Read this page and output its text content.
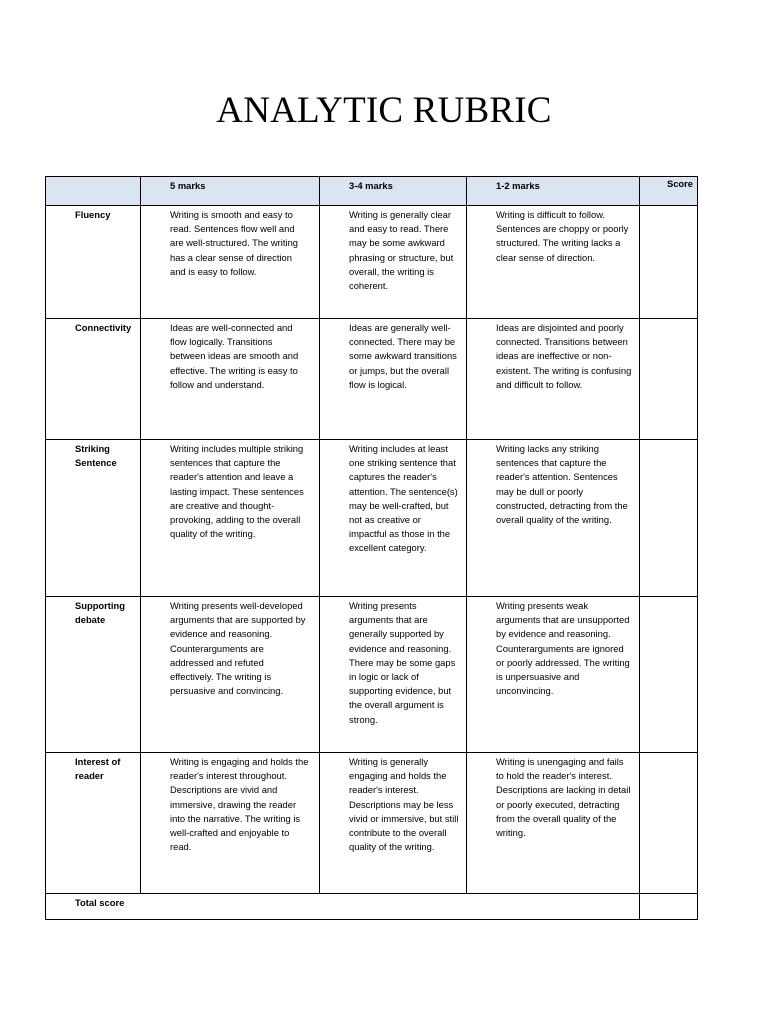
ANALYTIC RUBRIC
	5 marks	3-4 marks	1-2 marks	Score
Fluency	Writing is smooth and easy to read. Sentences flow well and are well-structured. The writing has a clear sense of direction and is easy to follow.	Writing is generally clear and easy to read. There may be some awkward phrasing or structure, but overall, the writing is coherent.	Writing is difficult to follow. Sentences are choppy or poorly structured. The writing lacks a clear sense of direction.	
Connectivity	Ideas are well-connected and flow logically. Transitions between ideas are smooth and effective. The writing is easy to follow and understand.	Ideas are generally well-connected. There may be some awkward transitions or jumps, but the overall flow is logical.	Ideas are disjointed and poorly connected. Transitions between ideas are ineffective or non-existent. The writing is confusing and difficult to follow.	
Striking Sentence	Writing includes multiple striking sentences that capture the reader's attention and leave a lasting impact. These sentences are creative and thought-provoking, adding to the overall quality of the writing.	Writing includes at least one striking sentence that captures the reader's attention. The sentence(s) may be well-crafted, but not as creative or impactful as those in the excellent category.	Writing lacks any striking sentences that capture the reader's attention. Sentences may be dull or poorly constructed, detracting from the overall quality of the writing.	
Supporting debate	Writing presents well-developed arguments that are supported by evidence and reasoning. Counterarguments are addressed and refuted effectively. The writing is persuasive and convincing.	Writing presents arguments that are generally supported by evidence and reasoning. There may be some gaps in logic or lack of supporting evidence, but the overall argument is strong.	Writing presents weak arguments that are unsupported by evidence and reasoning. Counterarguments are ignored or poorly addressed. The writing is unpersuasive and unconvincing.	
Interest of reader	Writing is engaging and holds the reader's interest throughout. Descriptions are vivid and immersive, drawing the reader into the narrative. The writing is well-crafted and enjoyable to read.	Writing is generally engaging and holds the reader's interest. Descriptions may be less vivid or immersive, but still contribute to the overall quality of the writing.	Writing is unengaging and fails to hold the reader's interest. Descriptions are lacking in detail or poorly executed, detracting from the overall quality of the writing.	
Total score				
